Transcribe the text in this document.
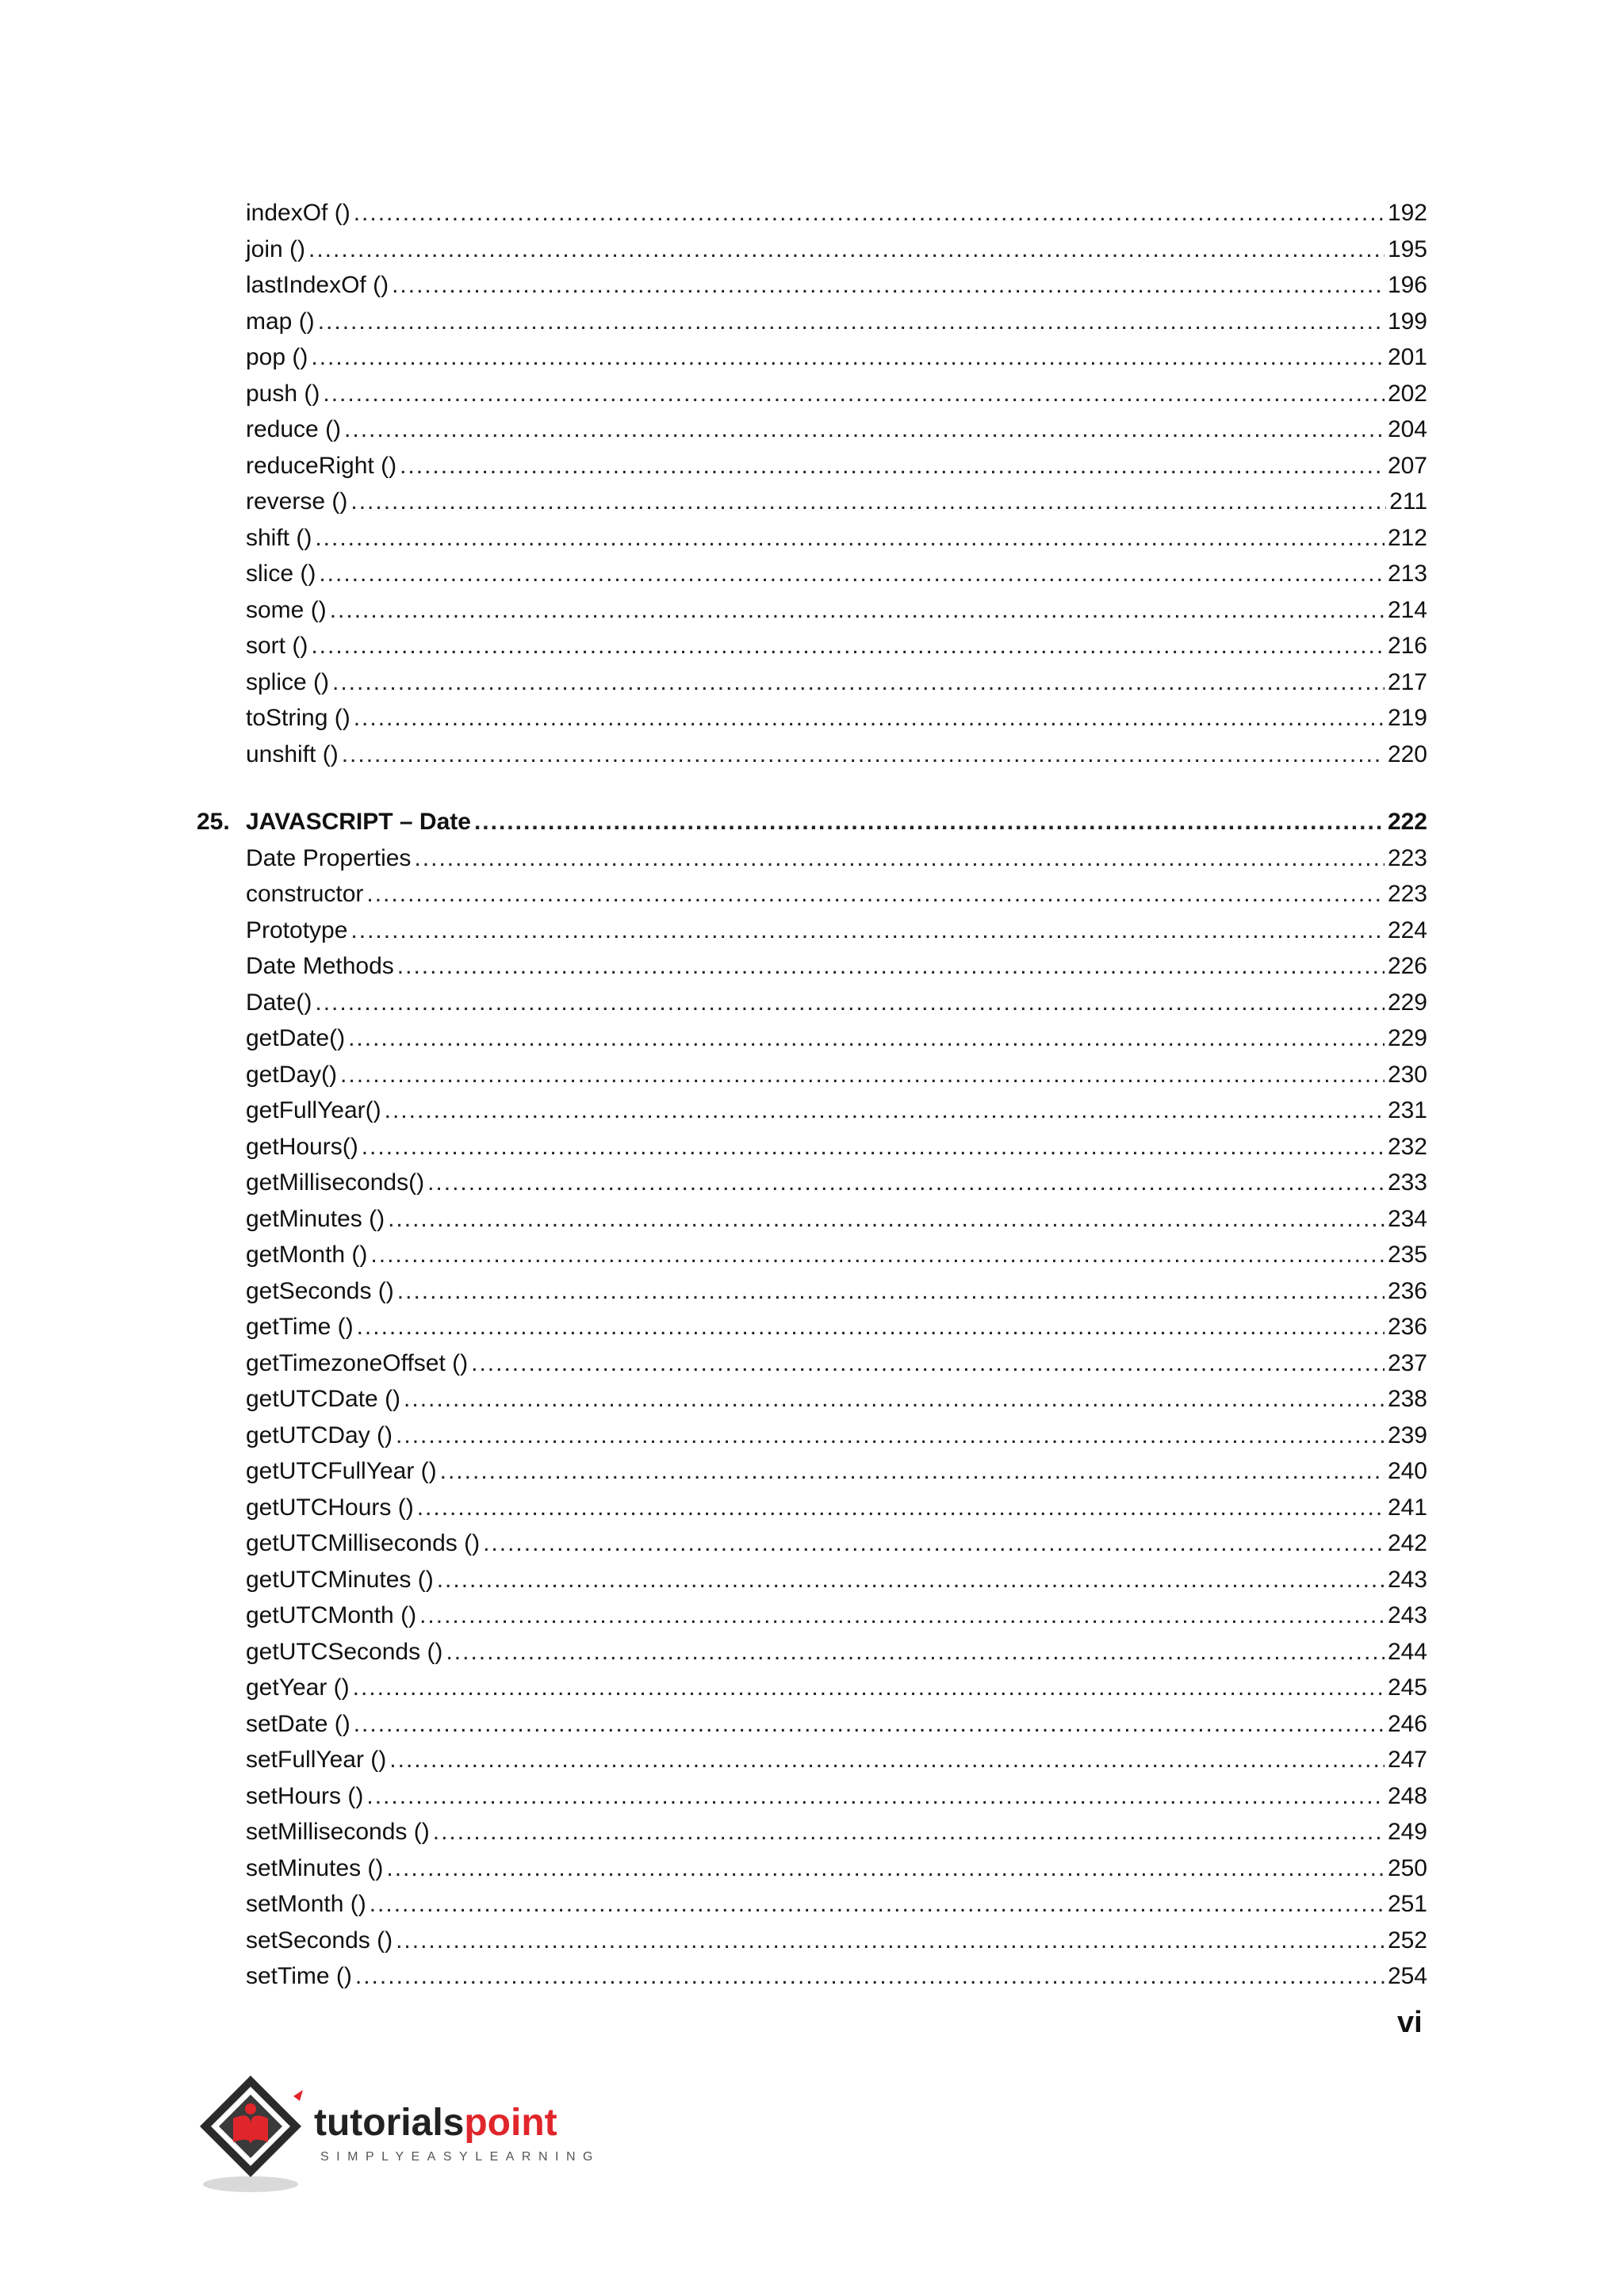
indexOf () .....	192
join () .....	195
lastIndexOf () .....	196
map () .....	199
pop () .....	201
push () .....	202
reduce () .....	204
reduceRight () .....	207
reverse () .....	211
shift () .....	212
slice () .....	213
some () .....	214
sort () .....	216
splice () .....	217
toString () .....	219
unshift () .....	220
25. JAVASCRIPT – Date .....	222
Date Properties .....	223
constructor .....	223
Prototype .....	224
Date Methods .....	226
Date() .....	229
getDate() .....	229
getDay() .....	230
getFullYear() .....	231
getHours() .....	232
getMilliseconds() .....	233
getMinutes () .....	234
getMonth () .....	235
getSeconds () .....	236
getTime () .....	236
getTimezoneOffset () .....	237
getUTCDate () .....	238
getUTCDay () .....	239
getUTCFullYear () .....	240
getUTCHours () .....	241
getUTCMilliseconds () .....	242
getUTCMinutes () .....	243
getUTCMonth () .....	243
getUTCSeconds () .....	244
getYear () .....	245
setDate () .....	246
setFullYear () .....	247
setHours () .....	248
setMilliseconds () .....	249
setMinutes () .....	250
setMonth () .....	251
setSeconds () .....	252
setTime () .....	254
vi
tutorialspoint
SIMPLYEASYLEARNING
